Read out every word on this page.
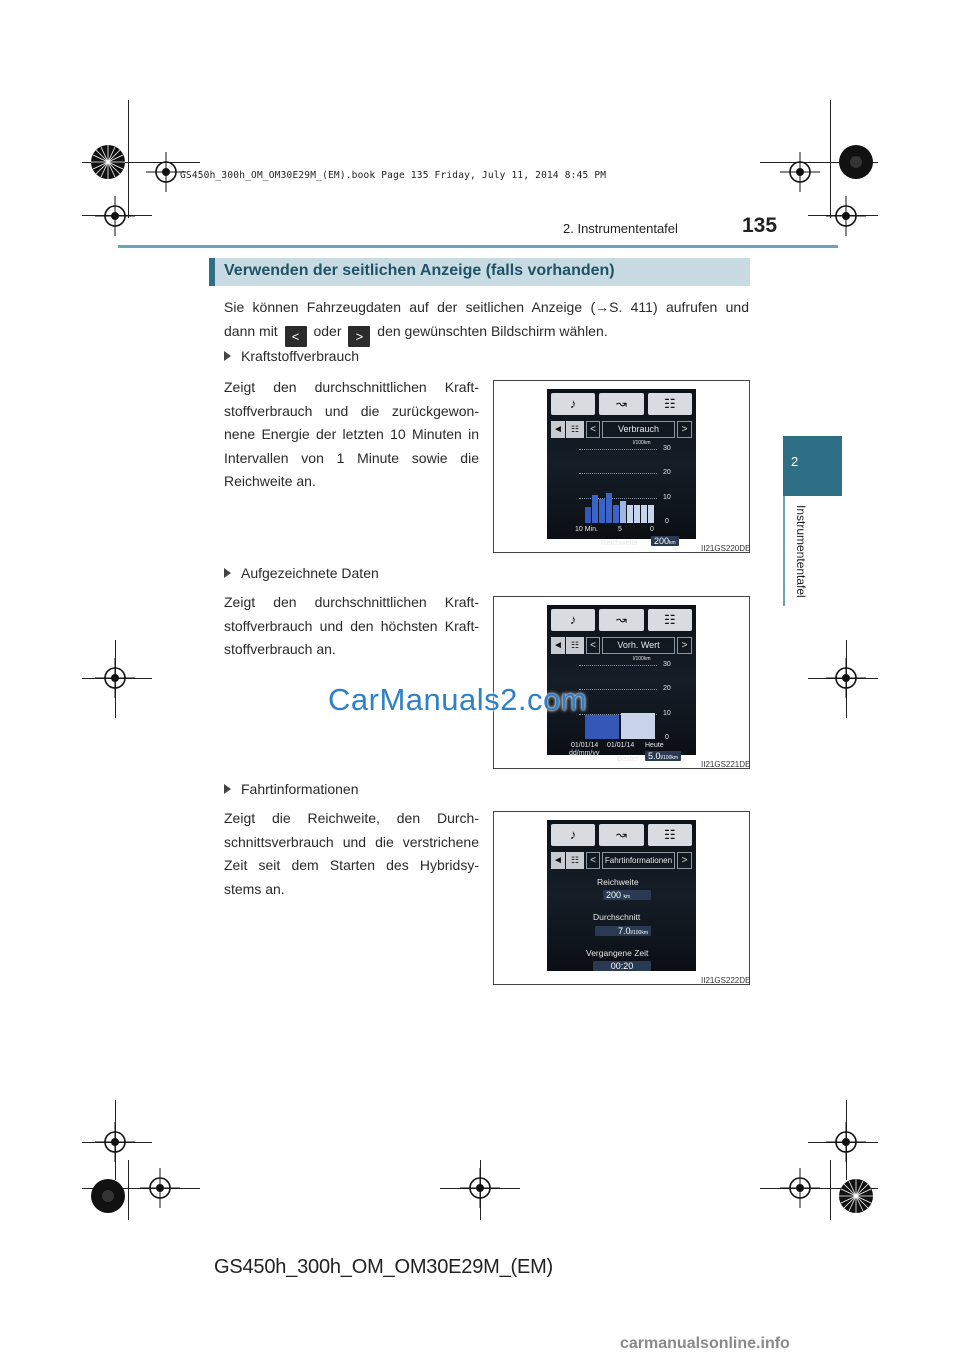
GS450h_300h_OM_OM30E29M_(EM).book Page 135 Friday, July 11, 2014 8:45 PM
2. Instrumententafel	135
2
Instrumententafel
Verwenden der seitlichen Anzeige (falls vorhanden)
Sie können Fahrzeugdaten auf der seitlichen Anzeige (→S. 411) aufrufen und
dann mit < oder > den gewünschten Bildschirm wählen.
Kraftstoffverbrauch
Zeigt den durchschnittlichen Kraft-
stoffverbrauch und die zurückgewon-
nene Energie der letzten 10 Minuten in
Intervallen von 1 Minute sowie die
Reichweite an.
♪	↝	☷
◄ ☷	<	Verbrauch	>
l/100km
30
20
10
0
10 Min.	5	0
Reichweite	200km
II21GS220DE
Aufgezeichnete Daten
Zeigt den durchschnittlichen Kraft-
stoffverbrauch und den höchsten Kraft-
stoffverbrauch an.
♪	↝	☷
◄ ☷	<	Vorh. Wert	>
l/100km
30
20
10
0
01/01/14 01/01/14 Heute
dd/mm/yy
Bester	5.0l/100km
II21GS221DE
Fahrtinformationen
Zeigt die Reichweite, den Durch-
schnittsverbrauch und die verstrichene
Zeit seit dem Starten des Hybridsy-
stems an.
♪	↝	☷
◄ ☷	<	Fahrtinformationen >
Reichweite
200 km
Durchschnitt
7.0l/100km
Vergangene Zeit
00:20
II21GS222DE
CarManuals2.com
GS450h_300h_OM_OM30E29M_(EM)
carmanualsonline.info
